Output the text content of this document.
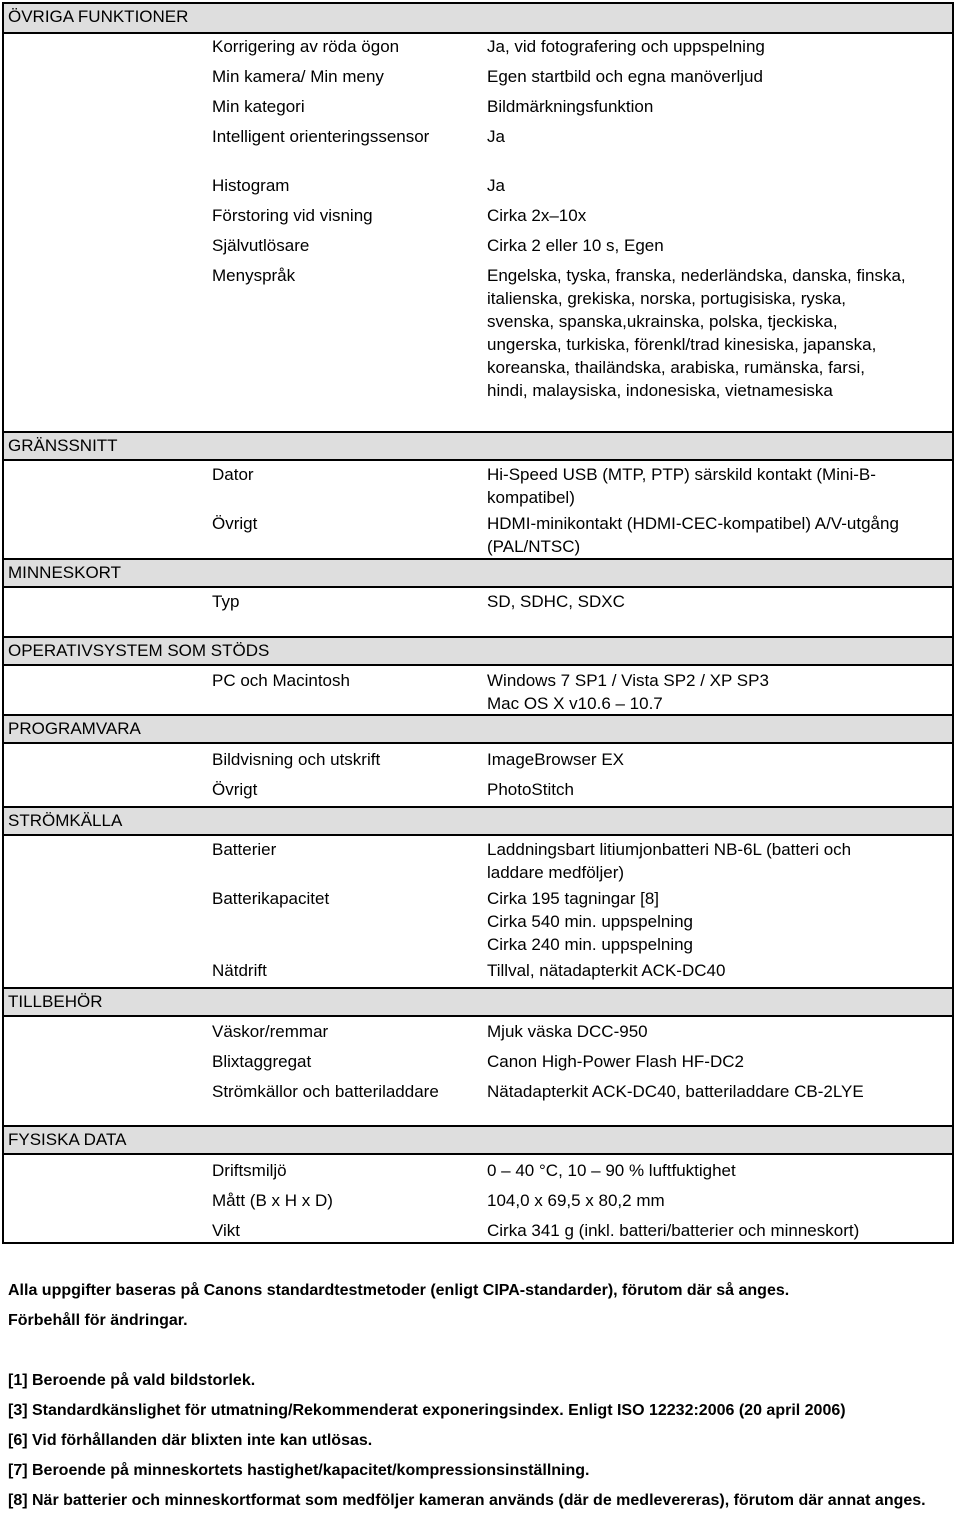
ÖVRIGA FUNKTIONER
Korrigering av röda ögon	Ja, vid fotografering och uppspelning
Min kamera/ Min meny	Egen startbild och egna manöverljud
Min kategori	Bildmärkningsfunktion
Intelligent orienteringssensor	Ja
Histogram	Ja
Förstoring vid visning	Cirka 2x–10x
Självutlösare	Cirka 2 eller 10 s, Egen
Menyspråk	Engelska, tyska, franska, nederländska, danska, finska,
italienska, grekiska, norska, portugisiska, ryska,
svenska, spanska,ukrainska, polska, tjeckiska,
ungerska, turkiska, förenkl/trad kinesiska, japanska,
koreanska, thailändska, arabiska, rumänska, farsi,
hindi, malaysiska, indonesiska, vietnamesiska
GRÄNSSNITT
Dator	Hi-Speed USB (MTP, PTP) särskild kontakt (Mini-B-
kompatibel)
Övrigt	HDMI-minikontakt (HDMI-CEC-kompatibel) A/V-utgång
(PAL/NTSC)
MINNESKORT
Typ	SD, SDHC, SDXC
OPERATIVSYSTEM SOM STÖDS
PC och Macintosh	Windows 7 SP1 / Vista SP2 / XP SP3
Mac OS X v10.6 – 10.7
PROGRAMVARA
Bildvisning och utskrift	ImageBrowser EX
Övrigt	PhotoStitch
STRÖMKÄLLA
Batterier	Laddningsbart litiumjonbatteri NB-6L (batteri och
laddare medföljer)
Batterikapacitet	Cirka 195 tagningar [8]
Cirka 540 min. uppspelning
Cirka 240 min. uppspelning
Nätdrift	Tillval, nätadapterkit ACK-DC40
TILLBEHÖR
Väskor/remmar	Mjuk väska DCC-950
Blixtaggregat	Canon High-Power Flash HF-DC2
Strömkällor och batteriladdare	Nätadapterkit ACK-DC40, batteriladdare CB-2LYE
FYSISKA DATA
Driftsmiljö	0 – 40 °C, 10 – 90 % luftfuktighet
Mått (B x H x D)	104,0 x 69,5 x 80,2 mm
Vikt	Cirka 341 g (inkl. batteri/batterier och minneskort)
Alla uppgifter baseras på Canons standardtestmetoder (enligt CIPA-standarder), förutom där så anges.
Förbehåll för ändringar.
[1] Beroende på vald bildstorlek.
[3] Standardkänslighet för utmatning/Rekommenderat exponeringsindex. Enligt ISO 12232:2006 (20 april 2006)
[6] Vid förhållanden där blixten inte kan utlösas.
[7] Beroende på minneskortets hastighet/kapacitet/kompressionsinställning.
[8] När batterier och minneskortformat som medföljer kameran används (där de medlevereras), förutom där annat anges.
